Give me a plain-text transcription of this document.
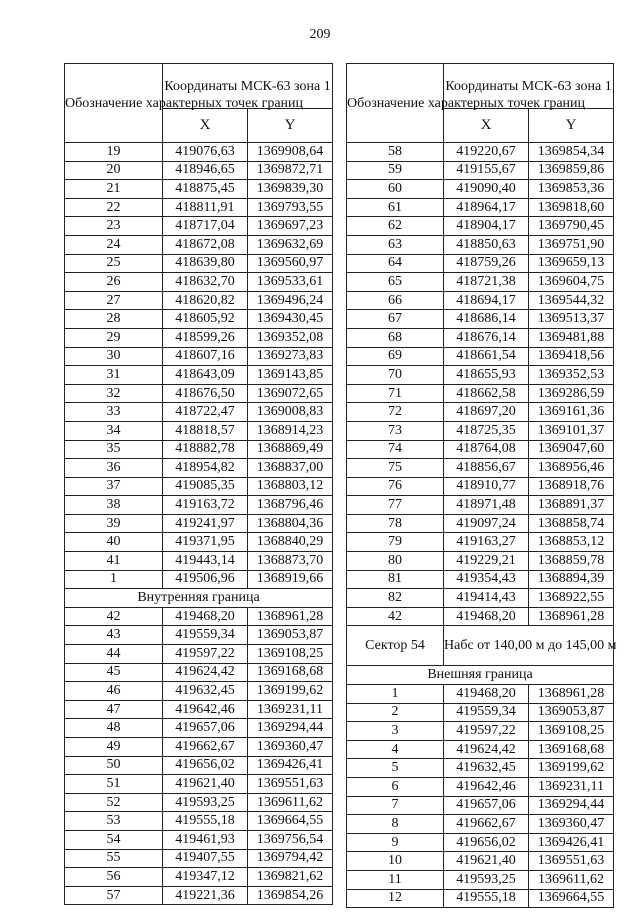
209
Обозначение характерных точек границ	Координаты МСК-63 зона 1	
	X	Y
19	419076,63	1369908,64
20	418946,65	1369872,71
21	418875,45	1369839,30
22	418811,91	1369793,55
23	418717,04	1369697,23
24	418672,08	1369632,69
25	418639,80	1369560,97
26	418632,70	1369533,61
27	418620,82	1369496,24
28	418605,92	1369430,45
29	418599,26	1369352,08
30	418607,16	1369273,83
31	418643,09	1369143,85
32	418676,50	1369072,65
33	418722,47	1369008,83
34	418818,57	1368914,23
35	418882,78	1368869,49
36	418954,82	1368837,00
37	419085,35	1368803,12
38	419163,72	1368796,46
39	419241,97	1368804,36
40	419371,95	1368840,29
41	419443,14	1368873,70
1	419506,96	1368919,66
Внутренняя граница		
42	419468,20	1368961,28
43	419559,34	1369053,87
44	419597,22	1369108,25
45	419624,42	1369168,68
46	419632,45	1369199,62
47	419642,46	1369231,11
48	419657,06	1369294,44
49	419662,67	1369360,47
50	419656,02	1369426,41
51	419621,40	1369551,63
52	419593,25	1369611,62
53	419555,18	1369664,55
54	419461,93	1369756,54
55	419407,55	1369794,42
56	419347,12	1369821,62
57	419221,36	1369854,26
Обозначение характерных точек границ	Координаты МСК-63 зона 1	
	X	Y
58	419220,67	1369854,34
59	419155,67	1369859,86
60	419090,40	1369853,36
61	418964,17	1369818,60
62	418904,17	1369790,45
63	418850,63	1369751,90
64	418759,26	1369659,13
65	418721,38	1369604,75
66	418694,17	1369544,32
67	418686,14	1369513,37
68	418676,14	1369481,88
69	418661,54	1369418,56
70	418655,93	1369352,53
71	418662,58	1369286,59
72	418697,20	1369161,36
73	418725,35	1369101,37
74	418764,08	1369047,60
75	418856,67	1368956,46
76	418910,77	1368918,76
77	418971,48	1368891,37
78	419097,24	1368858,74
79	419163,27	1368853,12
80	419229,21	1368859,78
81	419354,43	1368894,39
82	419414,43	1368922,55
42	419468,20	1368961,28
Сектор 54	Набс от 140,00 м до 145,00 м	
Внешняя граница		
1	419468,20	1368961,28
2	419559,34	1369053,87
3	419597,22	1369108,25
4	419624,42	1369168,68
5	419632,45	1369199,62
6	419642,46	1369231,11
7	419657,06	1369294,44
8	419662,67	1369360,47
9	419656,02	1369426,41
10	419621,40	1369551,63
11	419593,25	1369611,62
12	419555,18	1369664,55
